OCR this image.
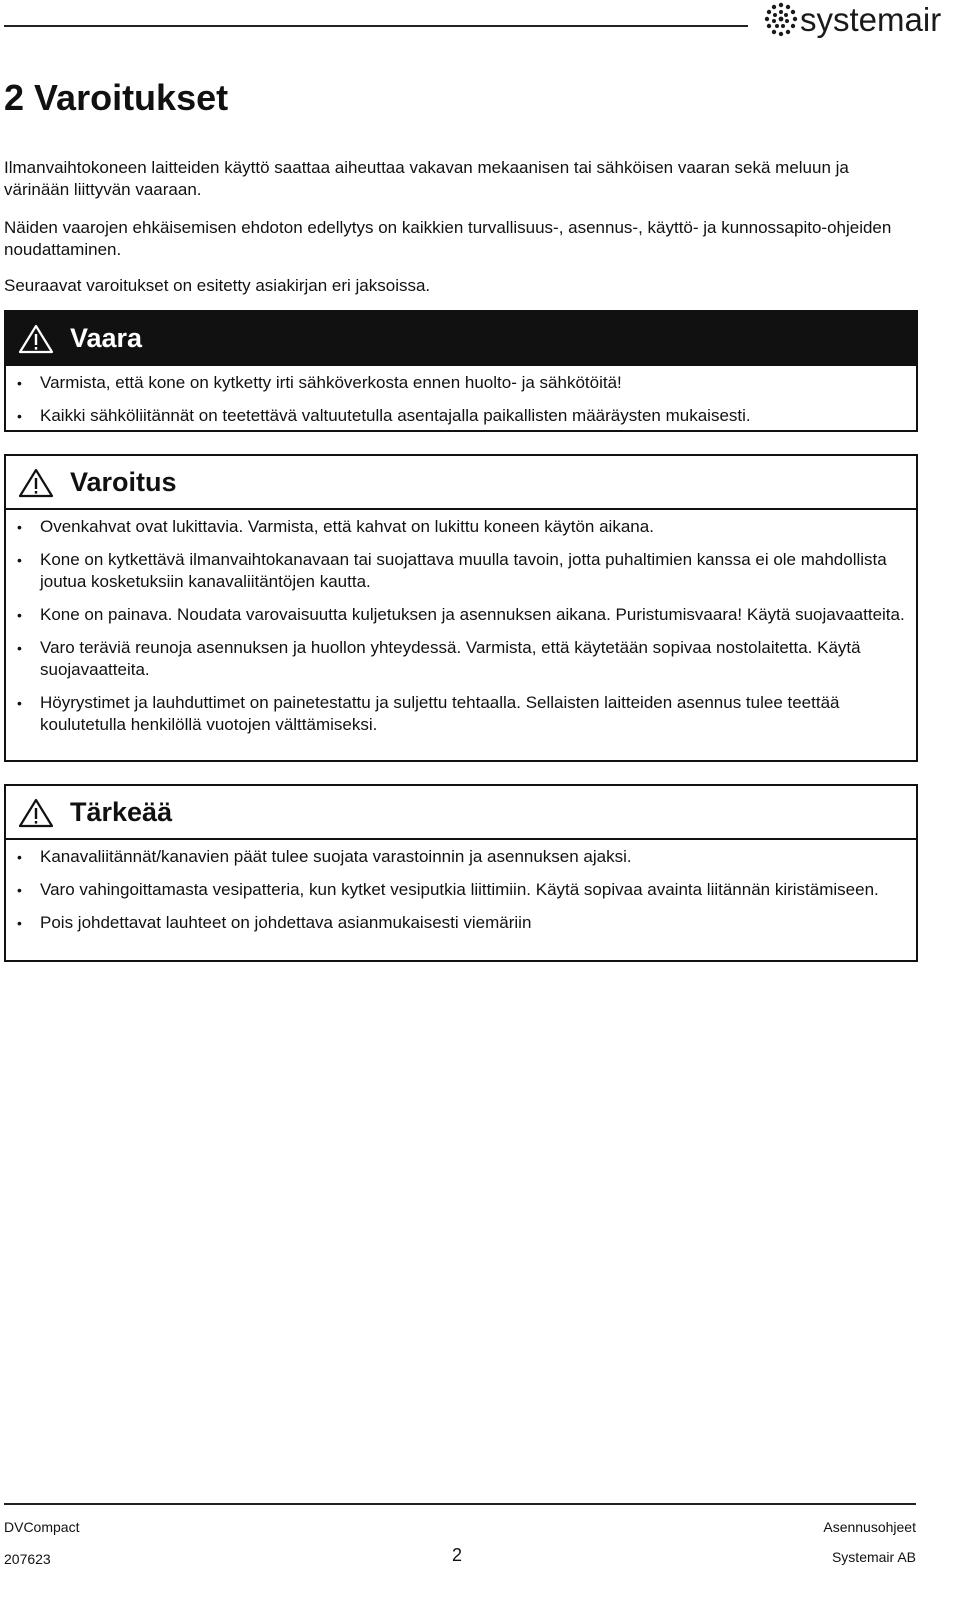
systemair
2 Varoitukset

Ilmanvaihtokoneen laitteiden käyttö saattaa aiheuttaa vakavan mekaanisen tai sähköisen vaaran sekä meluun ja värinään liittyvän vaaraan.

Näiden vaarojen ehkäisemisen ehdoton edellytys on kaikkien turvallisuus-, asennus-, käyttö- ja kunnossapito-ohjeiden noudattaminen.

Seuraavat varoitukset on esitetty asiakirjan eri jaksoissa.

Vaara
• Varmista, että kone on kytketty irti sähköverkosta ennen huolto- ja sähkötöitä!
• Kaikki sähköliitännät on teetettävä valtuutetulla asentajalla paikallisten määräysten mukaisesti.
Varoitus
• Ovenkahvat ovat lukittavia. Varmista, että kahvat on lukittu koneen käytön aikana.
• Kone on kytkettävä ilmanvaihtokanavaan tai suojattava muulla tavoin, jotta puhaltimien kanssa ei ole mahdollista joutua kosketuksiin kanavaliitäntöjen kautta.
• Kone on painava. Noudata varovaisuutta kuljetuksen ja asennuksen aikana. Puristumisvaara! Käytä suojavaatteita.
• Varo teräviä reunoja asennuksen ja huollon yhteydessä. Varmista, että käytetään sopivaa nostolaitetta. Käytä suojavaatteita.
• Höyrystimet ja lauhduttimet on painetestattu ja suljettu tehtaalla. Sellaisten laitteiden asennus tulee teettää koulutetulla henkilöllä vuotojen välttämiseksi.
Tärkeää
• Kanavaliitännät/kanavien päät tulee suojata varastoinnin ja asennuksen ajaksi.
• Varo vahingoittamasta vesipatteria, kun kytket vesiputkia liittimiin. Käytä sopivaa avainta liitännän kiristämiseen.
• Pois johdettavat lauhteet on johdettava asianmukaisesti viemäriin
DVCompact
207623	2
Asennusohjeet
Systemair AB
